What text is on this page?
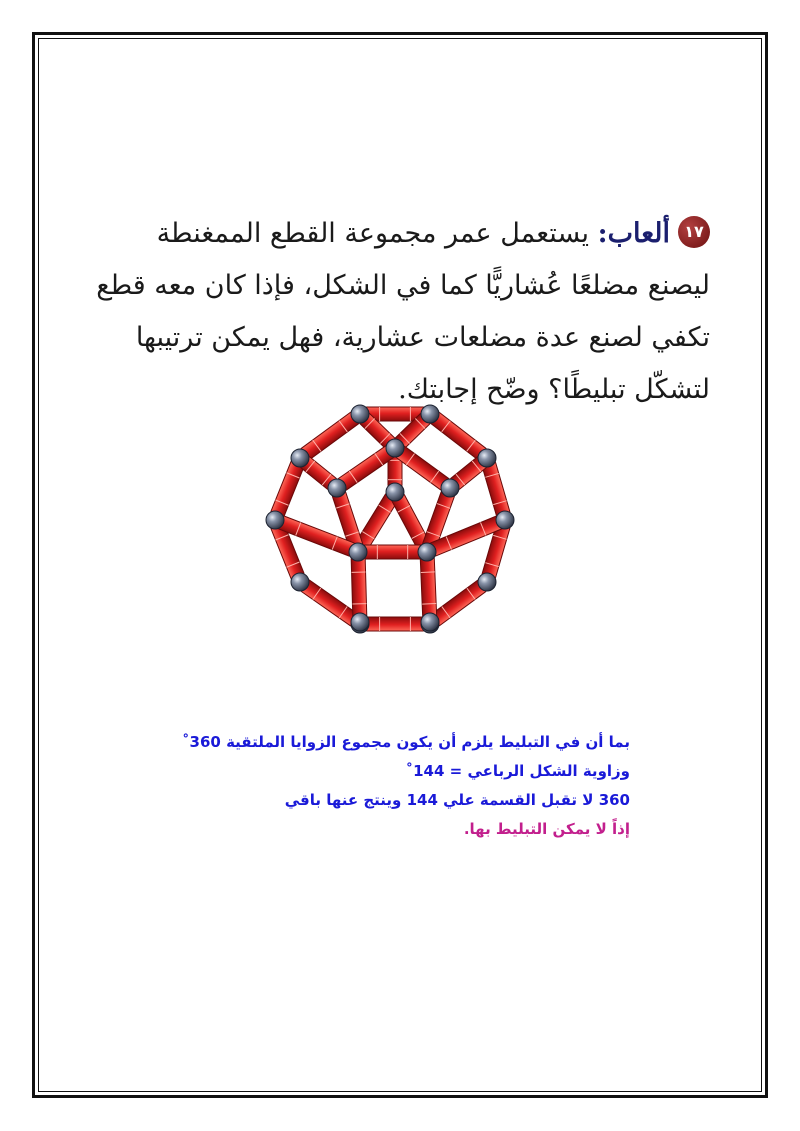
١٧ألعاب: يستعمل عمر مجموعة القطع الممغنطة ليصنع مضلعًا عُشاريًّا كما في الشكل، فإذا كان معه قطع تكفي لصنع عدة مضلعات عشارية، فهل يمكن ترتيبها لتشكّل تبليطًا؟ وضّح إجابتك.
بما أن في التبليط يلزم أن يكون مجموع الزوايا الملتقية 360˚
وزاوية الشكل الرباعي = 144˚
360 لا تقبل القسمة علي 144 وينتج عنها باقي
إذاً لا يمكن التبليط بها.
